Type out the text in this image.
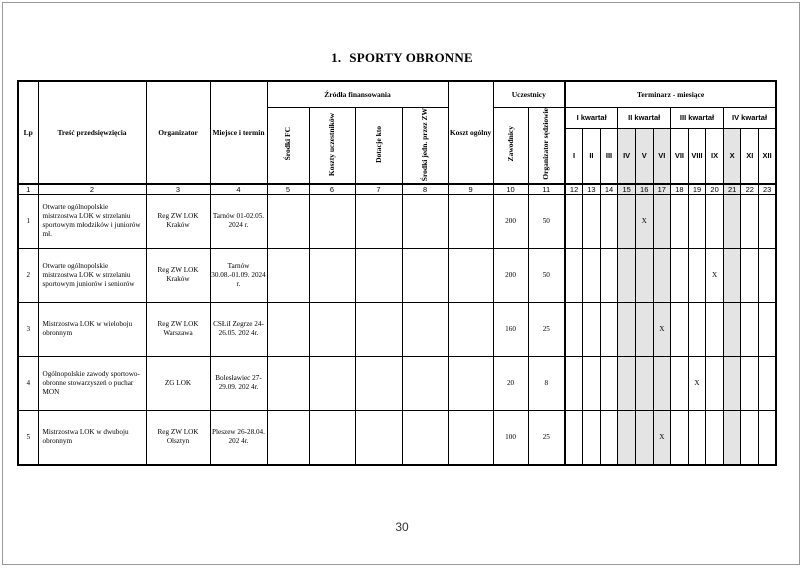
1. SPORTY OBRONNE
Lp	Treść przedsięwzięcia	Organizator	Miejsce i termin	Źródła finansowania				Koszt ogólny	Uczestnicy		Terminarz - miesiące											
				Środki FC	Koszty uczestników	Dotacje kto	Środki jedn. przez ZW		Zawodnicy	Organizator sędziowie	I kwartał			II kwartał			III kwartał			IV kwartał		
											I	II	III	IV	V	VI	VII	VIII	IX	X	XI	XII
1	2	3	4	5	6	7	8	9	10	11	12	13	14	15	16	17	18	19	20	21	22	23
1	Otwarte ogólnopolskie mistrzostwa LOK w strzelaniu sportowym młodzików i juniorów mł.	Reg ZW LOK Kraków	Tarnów 01-02.05. 2024 r.						200	50					X							
2	Otwarte ogólnopolskie mistrzostwa LOK w strzelaniu sportowym juniorów i seniorów	Reg ZW LOK Kraków	Tarnów 30.08.-01.09. 2024 r.						200	50									X			
3	Mistrzostwa LOK w wieloboju obronnym	Reg ZW LOK Warszawa	CSŁiI Zegrze 24-26.05. 202 4r.						160	25						X						
4	Ogólnopolskie zawody sportowo-obronne stowarzyszeń o puchar MON	ZG LOK	Bolesławiec 27-29.09. 202 4r.						20	8								X				
5	Mistrzostwa LOK w dwuboju obronnym	Reg ZW LOK Olsztyn	Pleszew 26-28.04. 202 4r.						100	25						X						
30
